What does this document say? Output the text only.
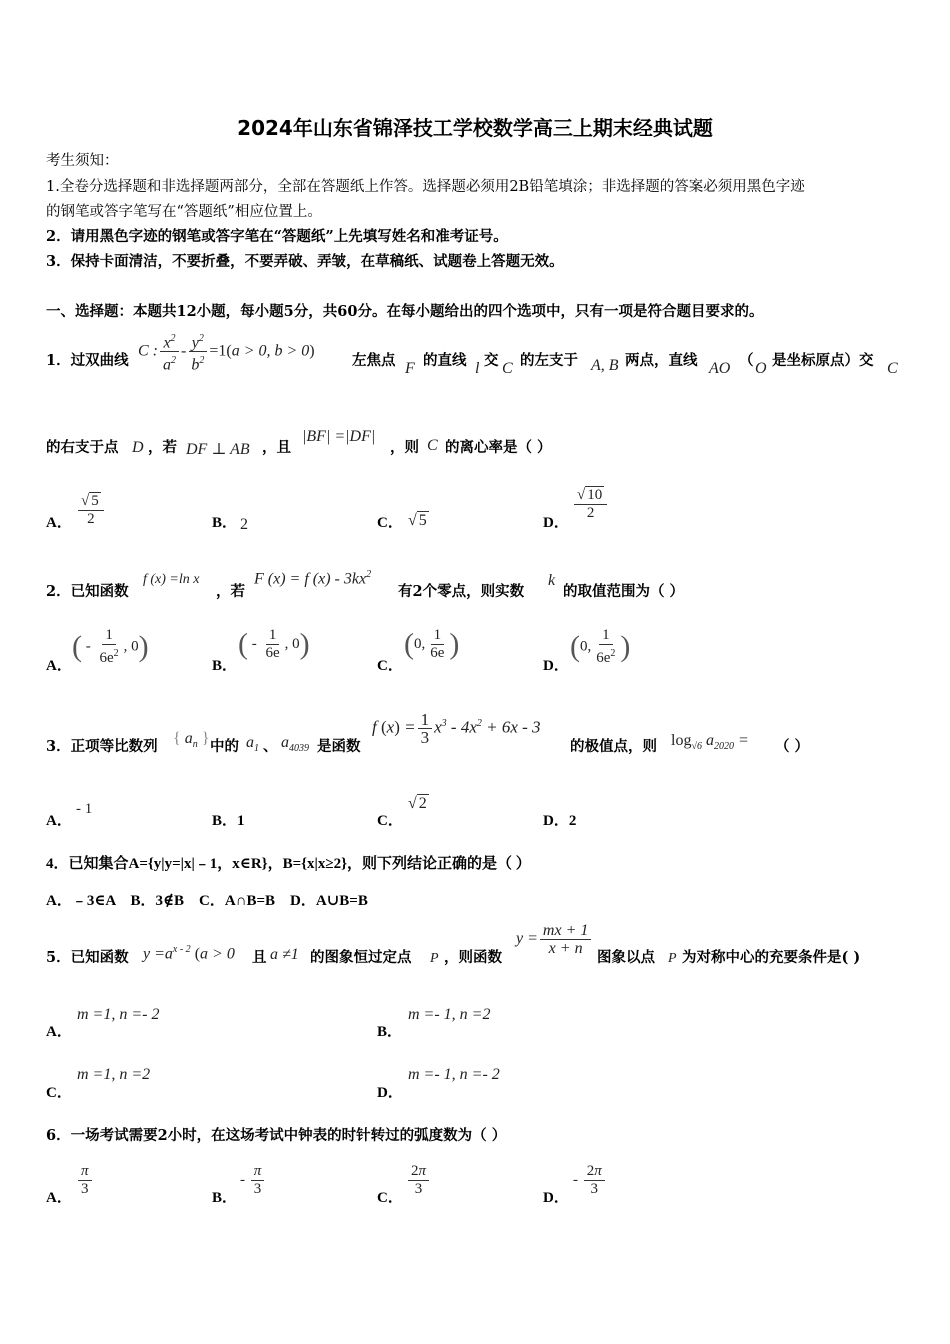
2024年山东省锦泽技工学校数学高三上期末经典试题
考生须知：
1.全卷分选择题和非选择题两部分，全部在答题纸上作答。选择题必须用2B铅笔填涂；非选择题的答案必须用黑色字迹
的钢笔或答字笔写在“答题纸”相应位置上。
2．请用黑色字迹的钢笔或答字笔在“答题纸”上先填写姓名和准考证号。
3．保持卡面清洁，不要折叠，不要弄破、弄皱，在草稿纸、试题卷上答题无效。
一、选择题：本题共12小题，每小题5分，共60分。在每小题给出的四个选项中，只有一项是符合题目要求的。
1．过双曲线
C : $\frac{x^2}{a^2} - \frac{y^2}{b^2} =1(a > 0$, b > 0)
左焦点 F 的直线 l 交 C 的左支于 A, B 两点，直线 AO （ O 是坐标原点）交 C
的右支于点 D ，若 DF ⊥ AB ，且
|BF| =|DF|
，则 C 的离心率是（ ）
A． $\frac{√ 5}{2}$	B． 2	C． √ 5	D．
$\frac{√ 10}{2}$
2．已知函数
f (x) =ln x
，若
F (x) = f $(x) - 3kx^2$
有2个零点，则实数
k
的取值范围为（ ）
A．
( - $\frac{1}{6e^2}$ , 0)
B．
( - $\frac{1}{6e}$ , 0)
C．
(0, $\frac{1}{6e}$ )
D．
(0, $\frac{1}{6e^2}$ )
3．正项等比数列 { $a_n$ } 中的 $a_1$ 、 $a_{4039}$ 是函数
f $(x) = \frac{1}{3} x^3 - 4x^2 + 6x - 3$
的极值点，则 $\log_{√6} a_{2020}$ = （ ）
A．
- 1
B．1	C．
√ 2
D．2
4．已知集合A={y|y=|x|﹣1，x∈R}，B={x|x≥2}，则下列结论正确的是（ ）
A．﹣3∈A    B．3∉B    C．A∩B=B    D．A∪B=B
5．已知函数 $y =a^{x - 2}$ (a > 0 且 a ≠1 的图象恒过定点 P ，则函数
$y = \frac{mx + 1}{x + n}$
图象以点 P 为对称中心的充要条件是( )
A．
m =1, n =- 2
B．
m =- 1, n =2
C．
m =1, n =2
D．
m =- 1, n =- 2
6．一场考试需要2小时，在这场考试中钟表的时针转过的弧度数为（ ）
A． $\frac{\pi}{3}$	B．
- $\frac{\pi}{3}$	C． $\frac{2\pi}{3}$	D．
- $\frac{2\pi}{3}$
